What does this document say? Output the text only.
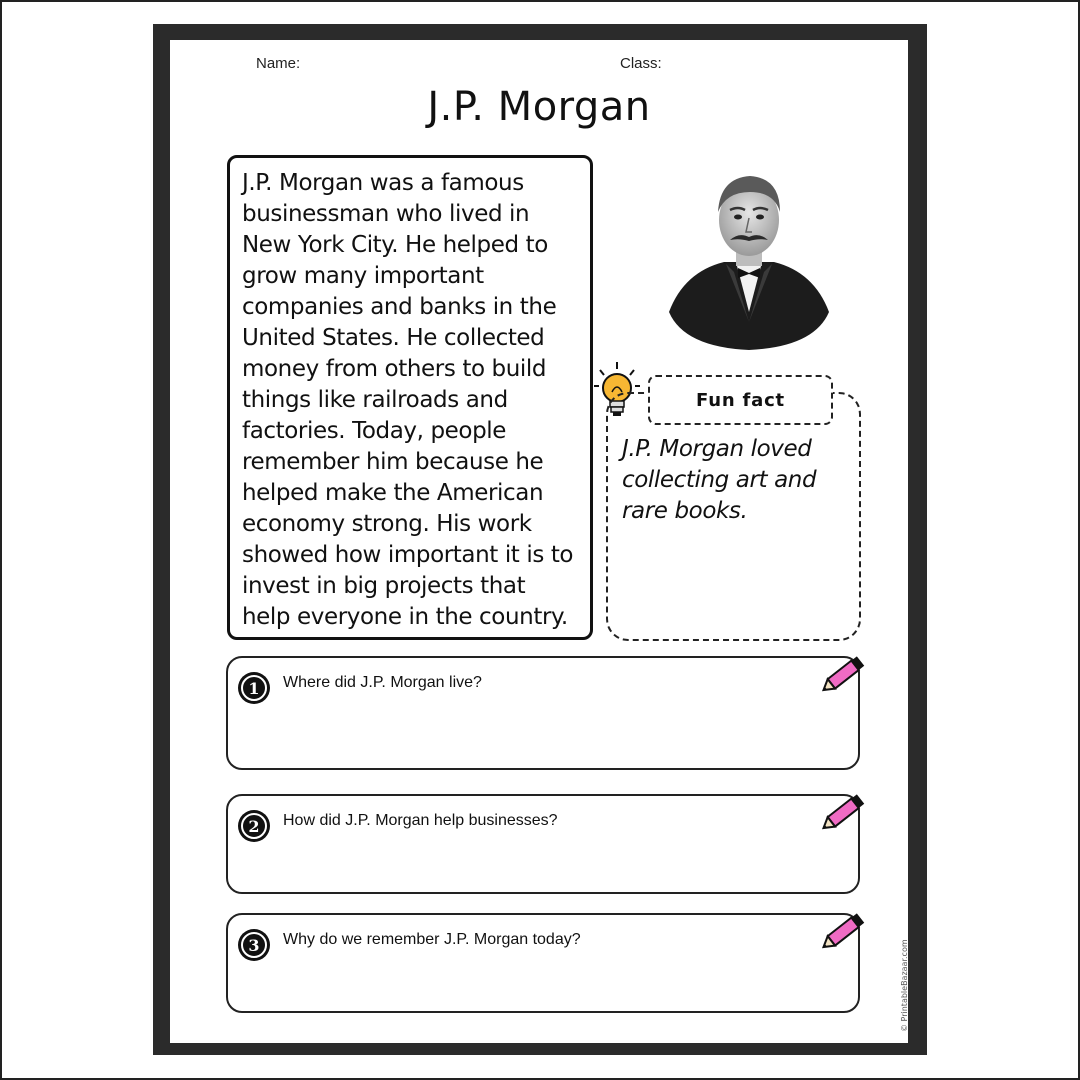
Name:	Class:
J.P. Morgan

J.P. Morgan was a famous businessman who lived in New York City. He helped to grow many important companies and banks in the United States. He collected money from others to build things like railroads and factories. Today, people remember him because he helped make the American economy strong. His work showed how important it is to invest in big projects that help everyone in the country.

J.P. Morgan loved collecting art and rare books.

Fun fact
1	Where did J.P. Morgan live?
2	How did J.P. Morgan help businesses?
3	Why do we remember J.P. Morgan today?	© PrintableBazaar.com
